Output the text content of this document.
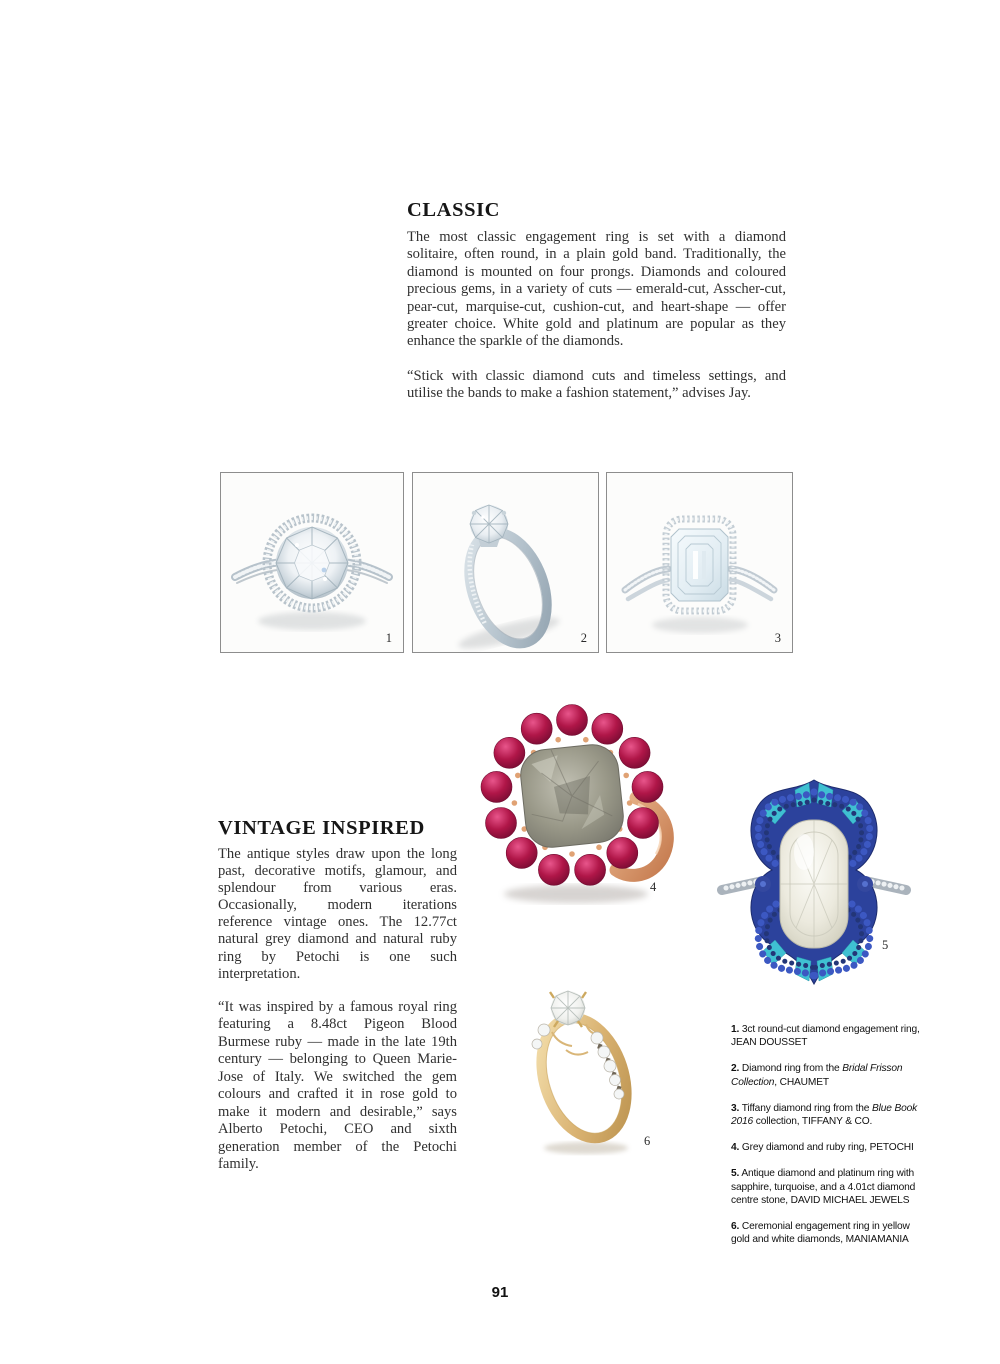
CLASSIC

The most classic engagement ring is set with a diamond solitaire, often round, in a plain gold band. Traditionally, the diamond is mounted on four prongs. Diamonds and coloured precious gems, in a variety of cuts — emerald-cut, Asscher-cut, pear-cut, marquise-cut, cushion-cut, and heart-shape — offer greater choice. White gold and platinum are popular as they enhance the sparkle of the diamonds.

“Stick with classic diamond cuts and timeless settings, and utilise the bands to make a fashion statement,” advises Jay.

1	2	3
4
5
6
VINTAGE INSPIRED

The antique styles draw upon the long past, decorative motifs, glamour, and splendour from various eras. Occasionally, modern iterations reference vintage ones. The 12.77ct natural grey diamond and natural ruby ring by Petochi is one such interpretation.

“It was inspired by a famous royal ring featuring a 8.48ct Pigeon Blood Burmese ruby — made in the late 19th century — belonging to Queen Marie-Jose of Italy. We switched the gem colours and crafted it in rose gold to make it modern and desirable,” says Alberto Petochi, CEO and sixth generation member of the Petochi family.

1. 3ct round-cut diamond engagement ring, JEAN DOUSSET

2. Diamond ring from the Bridal Frisson Collection, CHAUMET

3. Tiffany diamond ring from the Blue Book 2016 collection, TIFFANY & CO.

4. Grey diamond and ruby ring, PETOCHI

5. Antique diamond and platinum ring with sapphire, turquoise, and a 4.01ct diamond centre stone, DAVID MICHAEL JEWELS

6. Ceremonial engagement ring in yellow gold and white diamonds, MANIAMANIA

91
